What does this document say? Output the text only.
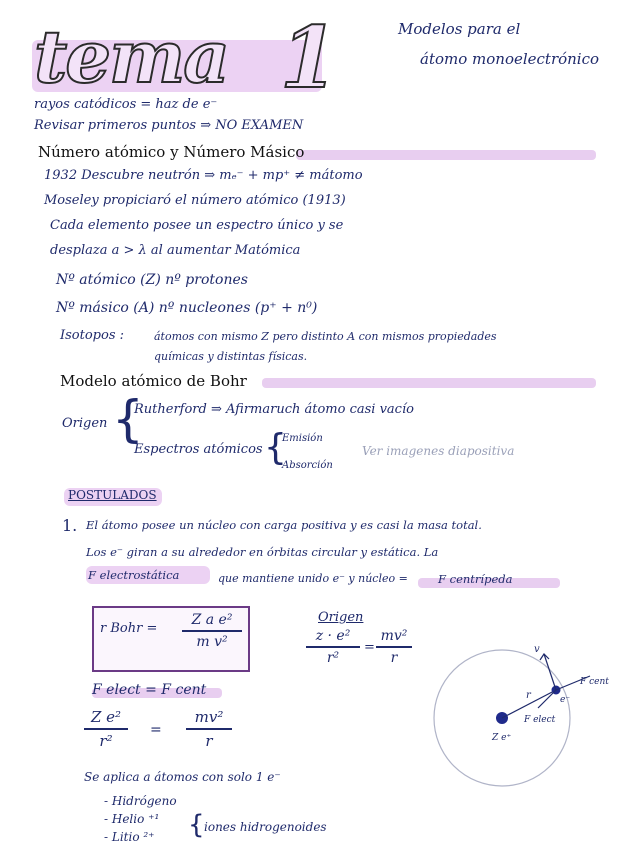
tema 1	Modelos para el
átomo monoelectrónico
rayos catódicos = haz de e⁻
Revisar primeros puntos ⇒ NO EXAMEN
Número atómico y Número Másico
1932 Descubre neutrón ⇒ mₑ⁻ + mp⁺ ≠ mátomo
Moseley propiciaró el número atómico (1913)
Cada elemento posee un espectro único y se
desplaza a > λ al aumentar Matómica
Nº atómico (Z) nº protones
Nº másico (A) nº nucleones (p⁺ + n⁰)
Isotopos :	átomos con mismo Z pero distinto A con mismos propiedades
químicas y distintas físicas.
Modelo atómico de Bohr
Origen {
Rutherford ⇒ Afirmaruch átomo casi vacío
Espectros atómicos {
Emisión
Absorción
Ver imagenes diapositiva
POSTULADOS
1. El átomo posee un núcleo con carga positiva y es casi la masa total.
Los e⁻ giran a su alrededor en órbitas circular y estática. La
F electrostática	que mantiene unido e⁻ y núcleo =	F centrípeda
r Bohr =
Z a e²
m v²
Origen
z · e²
r²
=
mv²
r
F elect = F cent
Z e²
r²
=
mv²
r
e⁻
r
F cent
F elect
v
Z e⁺
Se aplica a átomos con solo 1 e⁻
- Hidrógeno
- Helio ⁺¹
- Litio ²⁺ { iones hidrogenoides
